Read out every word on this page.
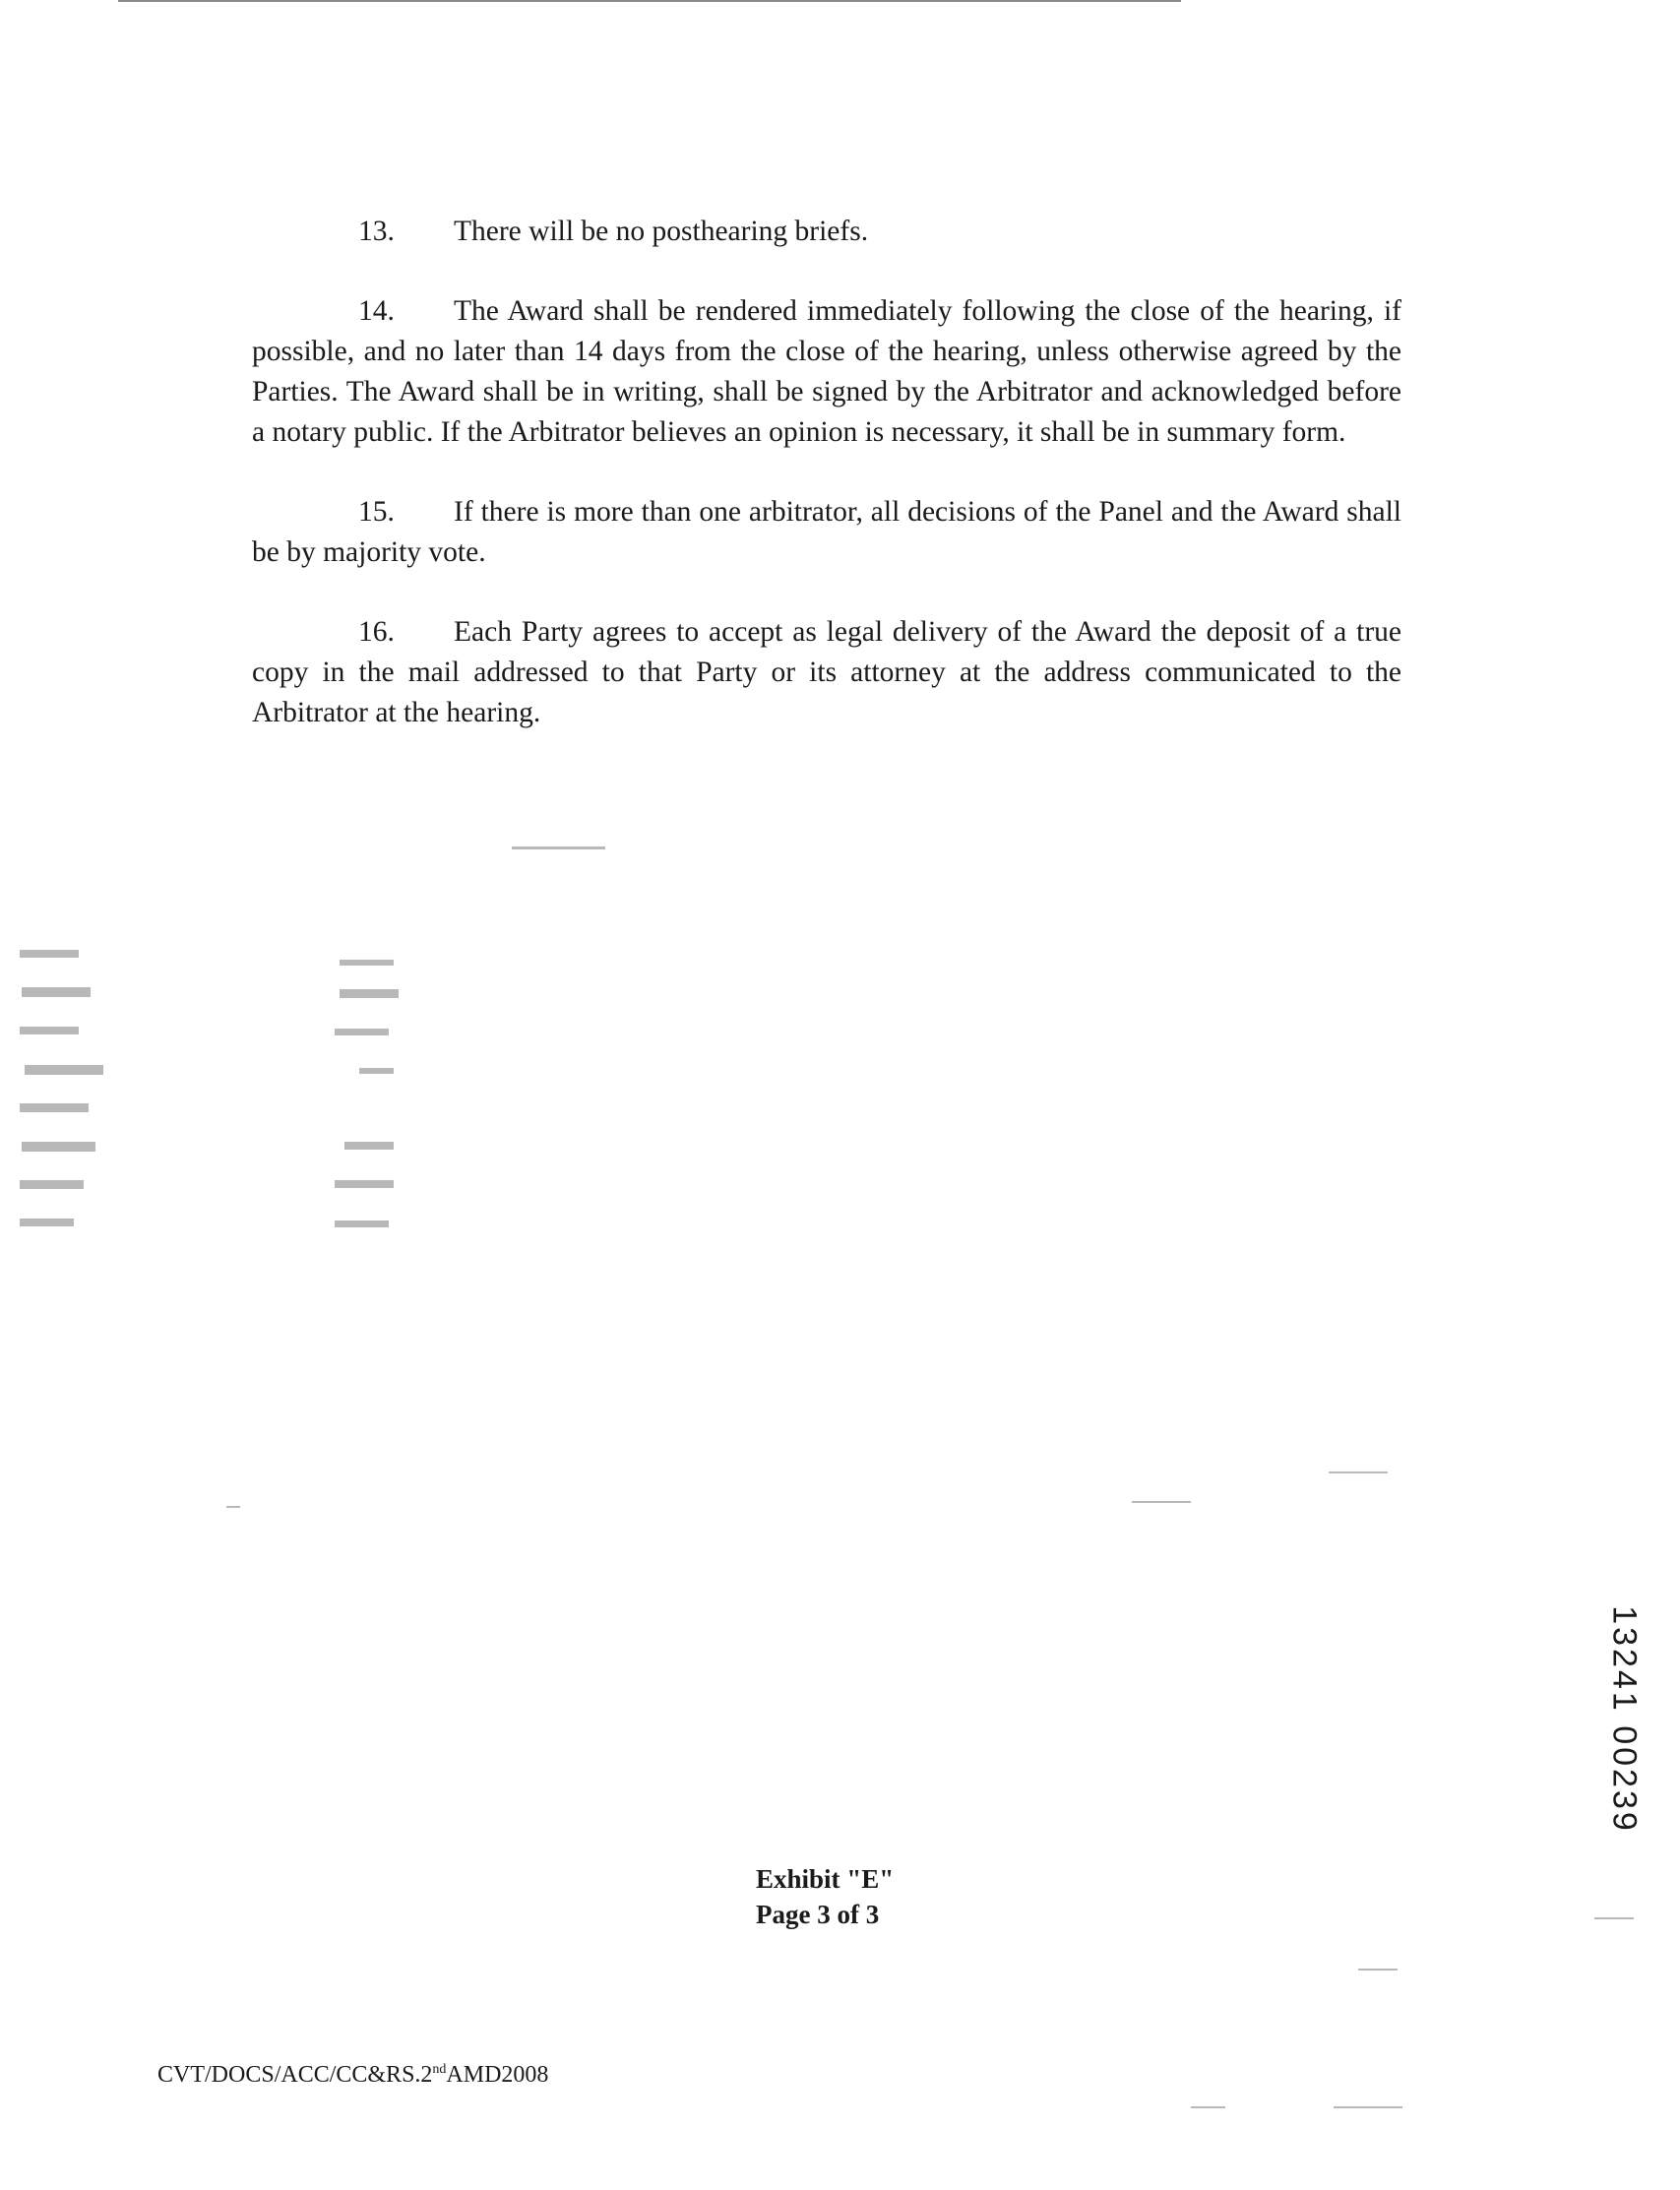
13. There will be no posthearing briefs.

14. The Award shall be rendered immediately following the close of the hearing, if possible, and no later than 14 days from the close of the hearing, unless otherwise agreed by the Parties. The Award shall be in writing, shall be signed by the Arbitrator and acknowledged before a notary public. If the Arbitrator believes an opinion is necessary, it shall be in summary form.

15. If there is more than one arbitrator, all decisions of the Panel and the Award shall be by majority vote.

16. Each Party agrees to accept as legal delivery of the Award the deposit of a true copy in the mail addressed to that Party or its attorney at the address communicated to the Arbitrator at the hearing.

Exhibit "E"
Page 3 of 3
CVT/DOCS/ACC/CC&RS.2ndAMD2008
13241 00239
